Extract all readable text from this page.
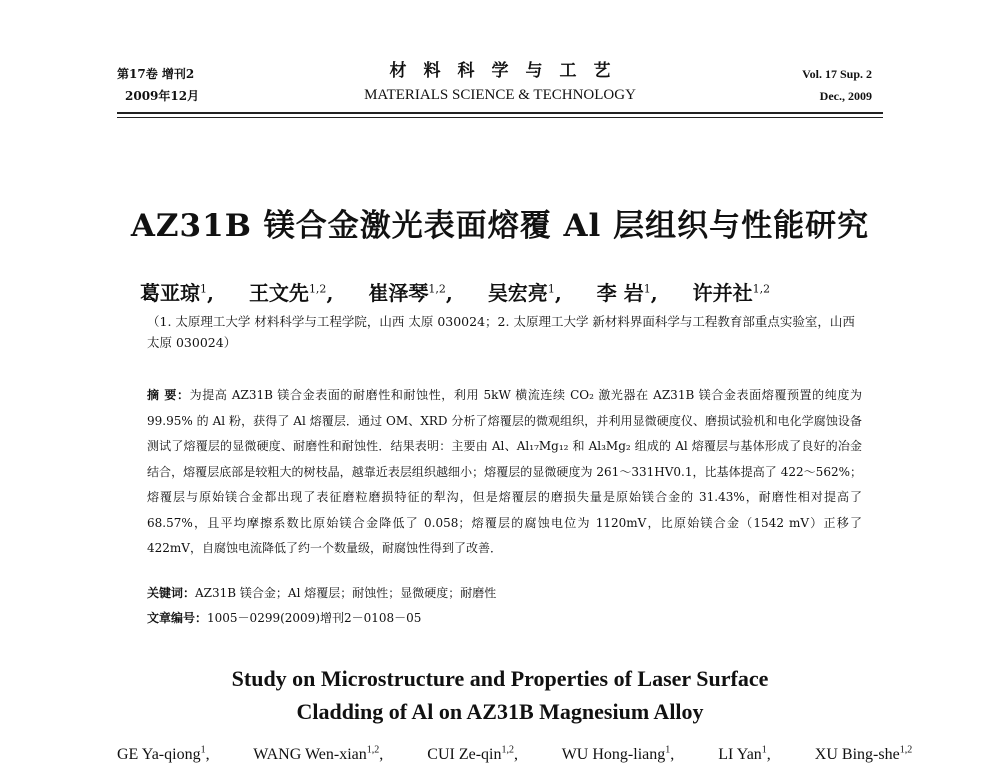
第17卷 增刊2
2009年12月
材料科学与工艺
MATERIALS SCIENCE & TECHNOLOGY
Vol. 17 Sup. 2
Dec., 2009
AZ31B 镁合金激光表面熔覆 Al 层组织与性能研究
葛亚琼$^1$, 王文先$^{1,2}$, 崔泽琴$^{1,2}$, 吴宏亮$^1$, 李 岩$^1$, 许并社$^{1,2}$
（1. 太原理工大学 材料科学与工程学院，山西 太原 030024；2. 太原理工大学 新材料界面科学与工程教育部重点实验室，山西 太原 030024）
摘 要：为提高 AZ31B 镁合金表面的耐磨性和耐蚀性，利用 5kW 横流连续 CO₂ 激光器在 AZ31B 镁合金表面熔覆预置的纯度为 99.95% 的 Al 粉，获得了 Al 熔覆层．通过 OM、XRD 分析了熔覆层的微观组织，并利用显微硬度仪、磨损试验机和电化学腐蚀设备测试了熔覆层的显微硬度、耐磨性和耐蚀性．结果表明：主要由 Al、Al₁₇Mg₁₂ 和 Al₃Mg₂ 组成的 Al 熔覆层与基体形成了良好的冶金结合，熔覆层底部是较粗大的树枝晶，越靠近表层组织越细小；熔覆层的显微硬度为 261～331HV0.1，比基体提高了 422～562%；熔覆层与原始镁合金都出现了表征磨粒磨损特征的犁沟，但是熔覆层的磨损失量是原始镁合金的 31.43%，耐磨性相对提高了 68.57%，且平均摩擦系数比原始镁合金降低了 0.058；熔覆层的腐蚀电位为 1120mV，比原始镁合金（1542 mV）正移了 422mV，自腐蚀电流降低了约一个数量级，耐腐蚀性得到了改善．
关键词：AZ31B 镁合金；Al 熔覆层；耐蚀性；显微硬度；耐磨性
文章编号：1005－0299(2009)增刊2－0108－05
Study on Microstructure and Properties of Laser Surface
Cladding of Al on AZ31B Magnesium Alloy
GE Ya-qiong$^1$,	WANG Wen-xian$^{1,2}$,	CUI Ze-qin$^{1,2}$,	WU Hong-liang$^1$,	LI Yan$^1$,	XU Bing-she$^{1,2}$
